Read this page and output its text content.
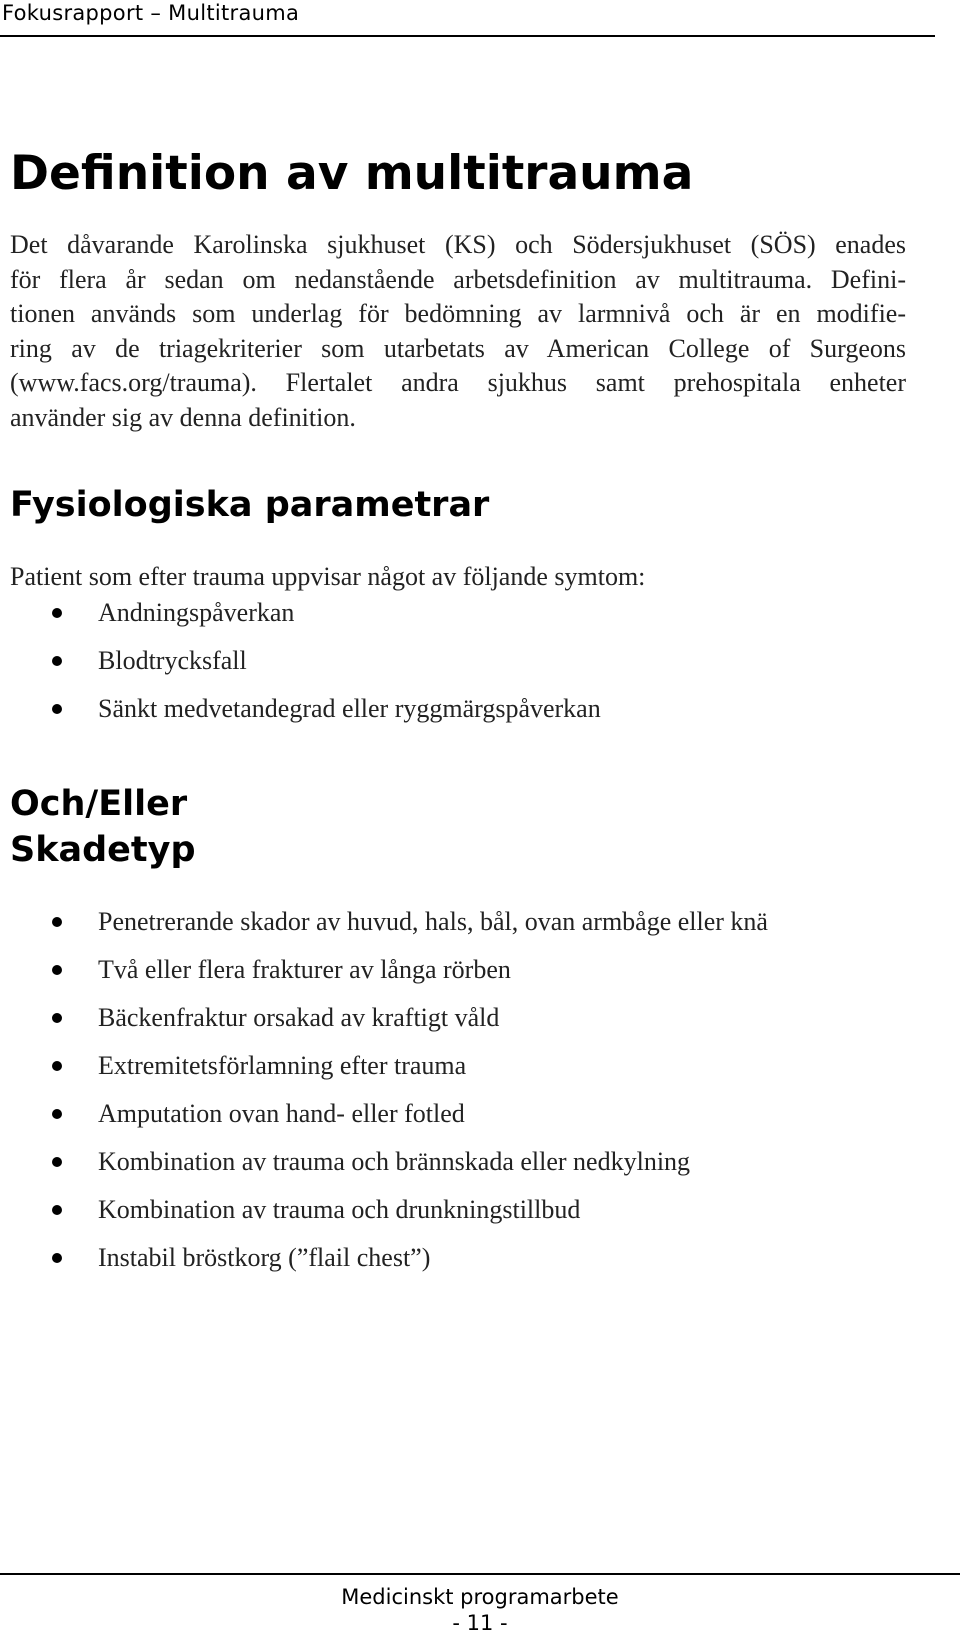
Fokusrapport – Multitrauma
Definition av multitrauma
Det dåvarande Karolinska sjukhuset (KS) och Södersjukhuset (SÖS) enades
för flera år sedan om nedanstående arbetsdefinition av multitrauma. Defini-
tionen används som underlag för bedömning av larmnivå och är en modifie-
ring av de triagekriterier som utarbetats av American College of Surgeons
(www.facs.org/trauma). Flertalet andra sjukhus samt prehospitala enheter
använder sig av denna definition.
Fysiologiska parametrar
Patient som efter trauma uppvisar något av följande symtom:
Andningspåverkan
Blodtrycksfall
Sänkt medvetandegrad eller ryggmärgspåverkan
Och/Eller
Skadetyp
Penetrerande skador av huvud, hals, bål, ovan armbåge eller knä
Två eller flera frakturer av långa rörben
Bäckenfraktur orsakad av kraftigt våld
Extremitetsförlamning efter trauma
Amputation ovan hand- eller fotled
Kombination av trauma och brännskada eller nedkylning
Kombination av trauma och drunkningstillbud
Instabil bröstkorg (”flail chest”)
Medicinskt programarbete
- 11 -
